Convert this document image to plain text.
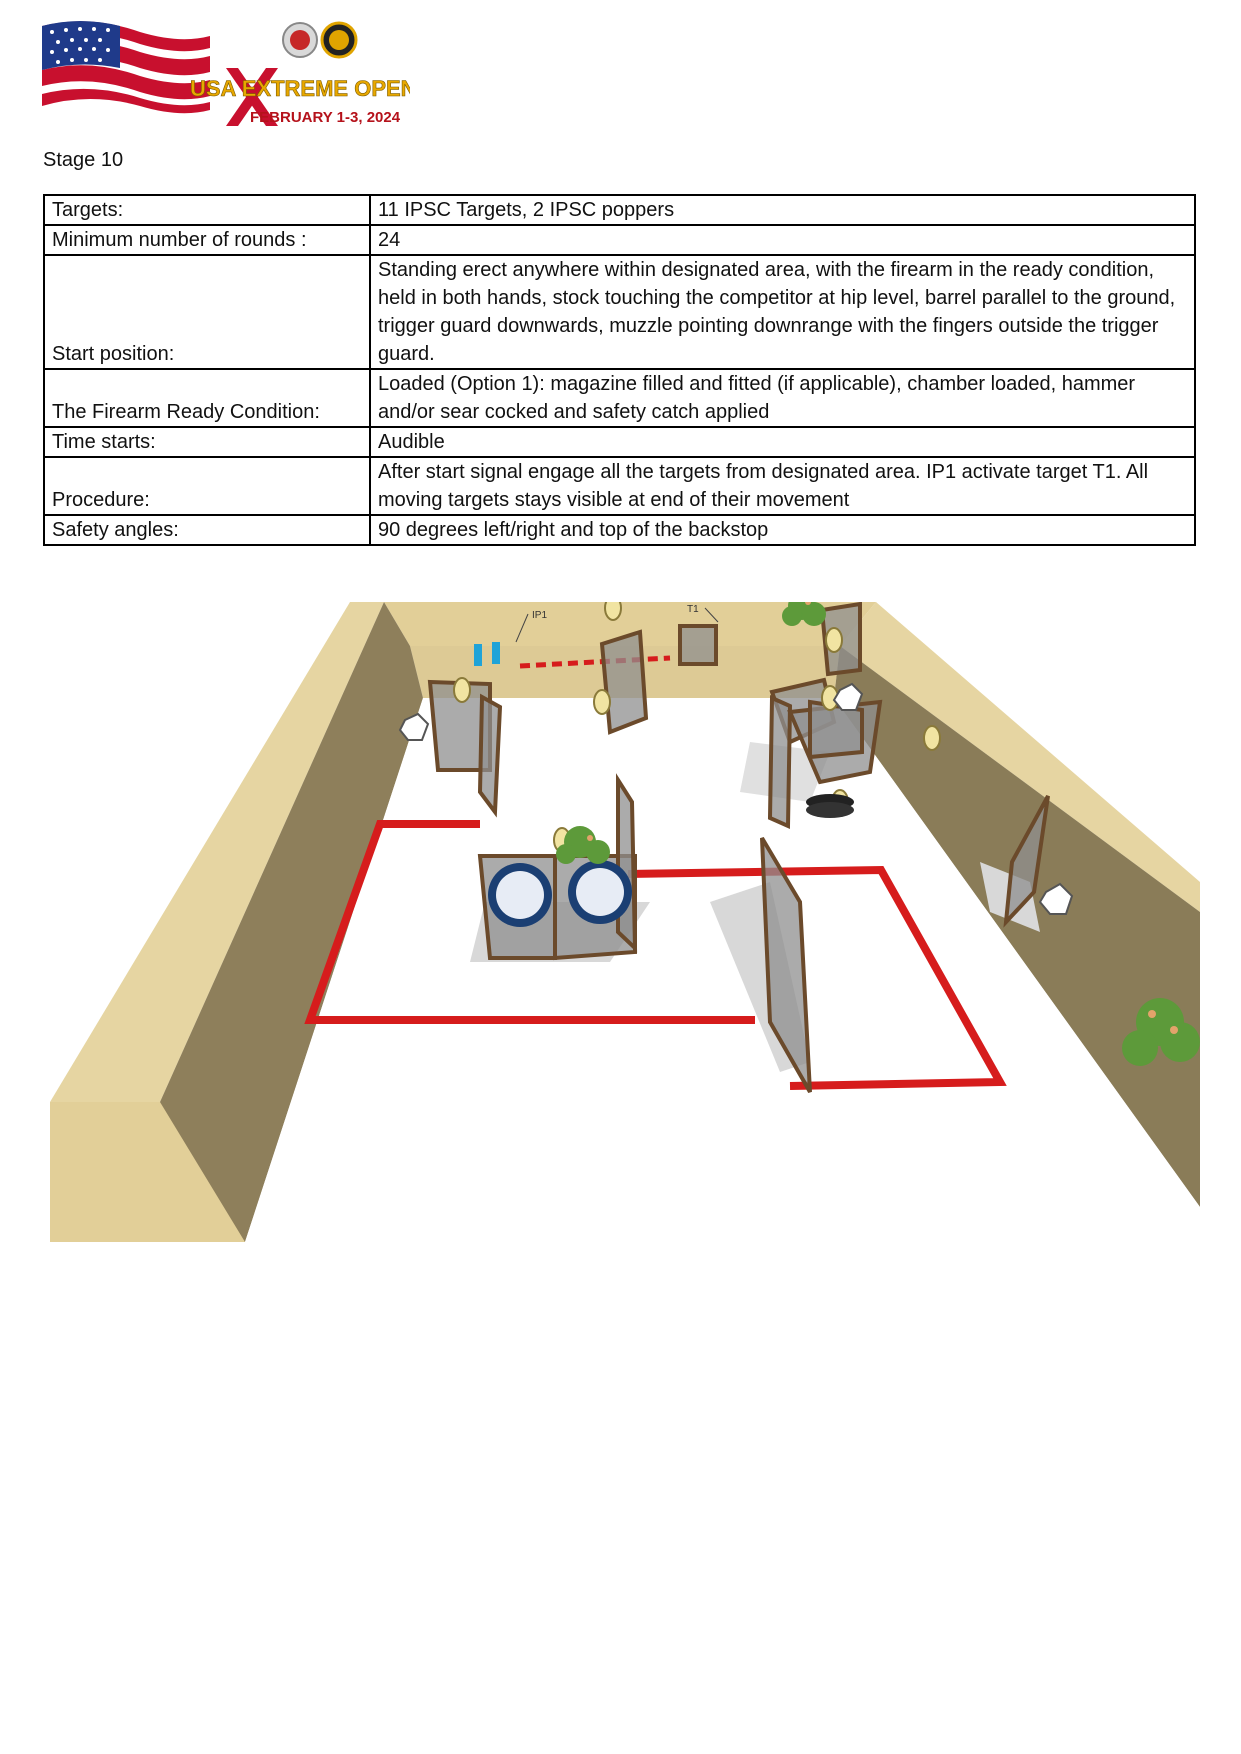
USA EXTREME OPEN
FEBRUARY 1-3, 2024
Stage 10
Targets:	11 IPSC Targets, 2 IPSC poppers
Minimum number of rounds :	24
Start position:	Standing erect anywhere within designated area, with the firearm in the ready condition, held in both hands, stock touching the competitor at hip level, barrel parallel to the ground, trigger guard downwards, muzzle pointing downrange with the fingers outside the trigger guard.
The Firearm Ready Condition:	Loaded (Option 1): magazine filled and fitted (if applicable), chamber loaded, hammer and/or sear cocked and safety catch applied
Time starts:	Audible
Procedure:	After start signal engage all the targets from designated area. IP1 activate target T1. All moving targets stays visible at end of their movement
Safety angles:	90 degrees left/right and top of the backstop
IP1
T1
